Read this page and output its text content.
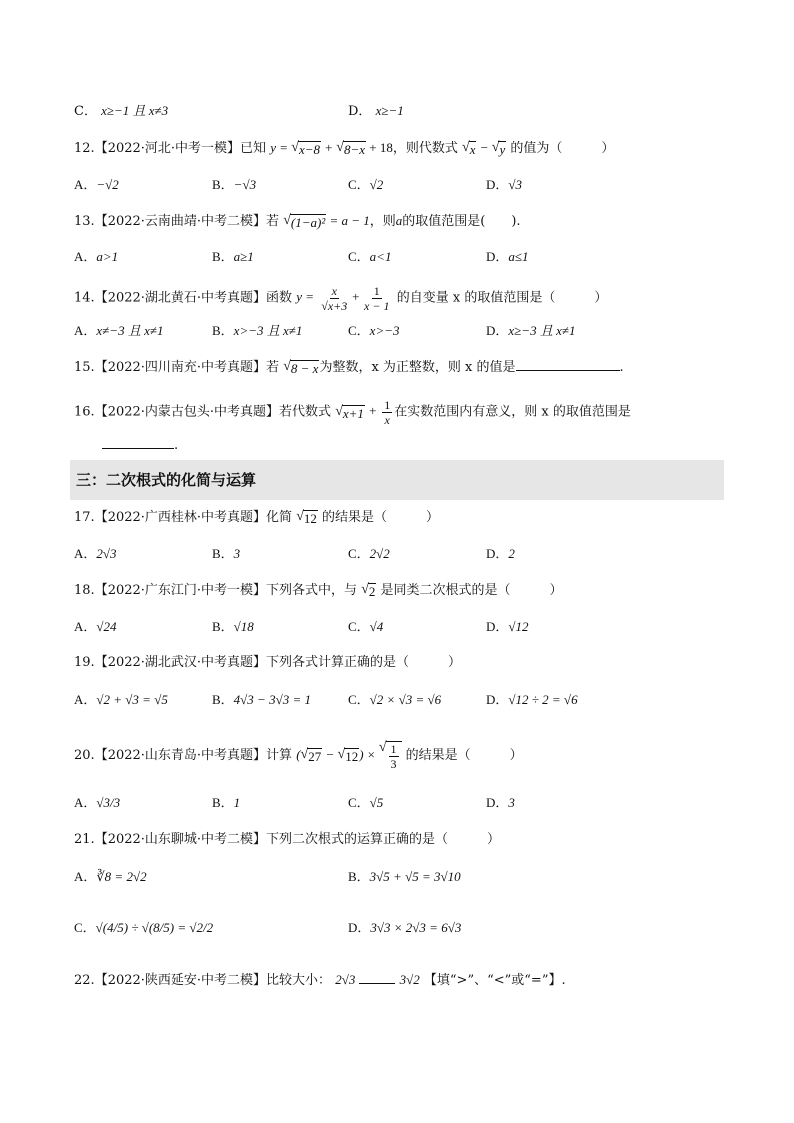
C． x≥−1 且 x≠3	D． x≥−1
12.【2022·河北·中考一模】已知 y = √ x−8 + √ 8−x + 18，则代数式 √ x − √ y 的值为（　　　）
A．−√2	B．−√3	C．√2	D．√3
13.【2022·云南曲靖·中考二模】若 √ (1−a)² = a − 1，则a的取值范围是(　　).
A．a>1	B．a≥1	C．a<1	D．a≤1
14.【2022·湖北黄石·中考真题】函数 $y = \frac{x}{√x+3} + \frac{1}{x - 1}$ 的自变量 x 的取值范围是（　　　）
A．x≠−3 且 x≠1	B．x>−3 且 x≠1	C．x>−3	D．x≥−3 且 x≠1
15.【2022·四川南充·中考真题】若 √ 8 − x 为整数，x 为正整数，则 x 的值是	.
16.【2022·内蒙古包头·中考真题】若代数式 √ $x+1 + \frac{1}{x}$ 在实数范围内有意义，则 x 的取值范围是
.
三：二次根式的化简与运算
17.【2022·广西桂林·中考真题】化简 √ 12 的结果是（　　　）
A．2√3	B．3	C．2√2	D．2
18.【2022·广东江门·中考一模】下列各式中，与 √ 2 是同类二次根式的是（　　　）
A．√24	B．√18	C．√4	D．√12
19.【2022·湖北武汉·中考真题】下列各式计算正确的是（　　　）
A．√2 + √3 = √5	B．4√3 − 3√3 = 1	C．√2 × √3 = √6	D．√12 ÷ 2 = √6
20.【2022·山东青岛·中考真题】计算 ( √ 27 − √ 12 ) × √ $\frac{1}{3}$ 的结果是（　　　）
A．√3/3	B．1	C．√5	D．3
21.【2022·山东聊城·中考二模】下列二次根式的运算正确的是（　　　）
A．∛8 = 2√2	B．3√5 + √5 = 3√10
C．√(4/5) ÷ √(8/5) = √2/2	D．3√3 × 2√3 = 6√3
22.【2022·陕西延安·中考二模】比较大小： 2√3	3√2 【填“>”、“<”或“=”】.
